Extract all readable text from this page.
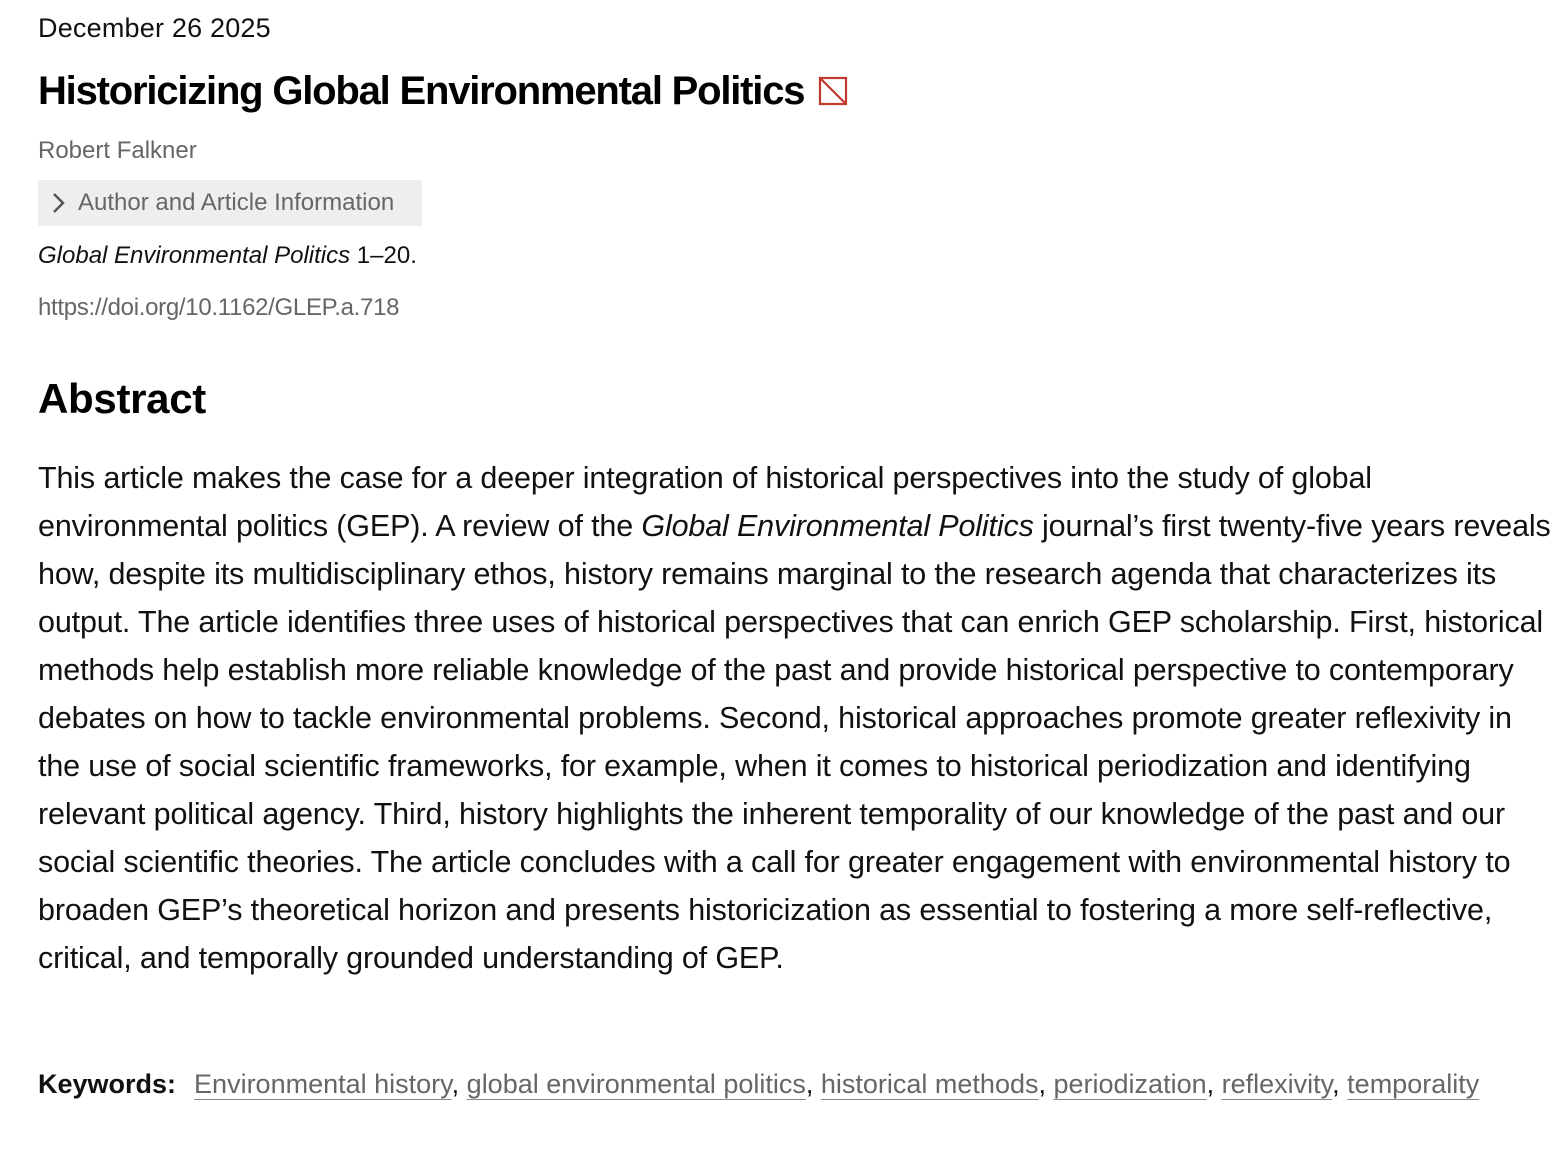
December 26 2025
Historicizing Global Environmental Politics
Robert Falkner
Author and Article Information
Global Environmental Politics 1–20.
https://doi.org/10.1162/GLEP.a.718
Abstract

This article makes the case for a deeper integration of historical perspectives into the study of global environmental politics (GEP). A review of the Global Environmental Politics journal’s first twenty-five years reveals how, despite its multidisciplinary ethos, history remains marginal to the research agenda that characterizes its output. The article identifies three uses of historical perspectives that can enrich GEP scholarship. First, historical methods help establish more reliable knowledge of the past and provide historical perspective to contemporary debates on how to tackle environmental problems. Second, historical approaches promote greater reflexivity in the use of social scientific frameworks, for example, when it comes to historical periodization and identifying relevant political agency. Third, history highlights the inherent temporality of our knowledge of the past and our social scientific theories. The article concludes with a call for greater engagement with environmental history to broaden GEP’s theoretical horizon and presents historicization as essential to fostering a more self-reflective, critical, and temporally grounded understanding of GEP.

Keywords: Environmental history, global environmental politics, historical methods, periodization, reflexivity, temporality
